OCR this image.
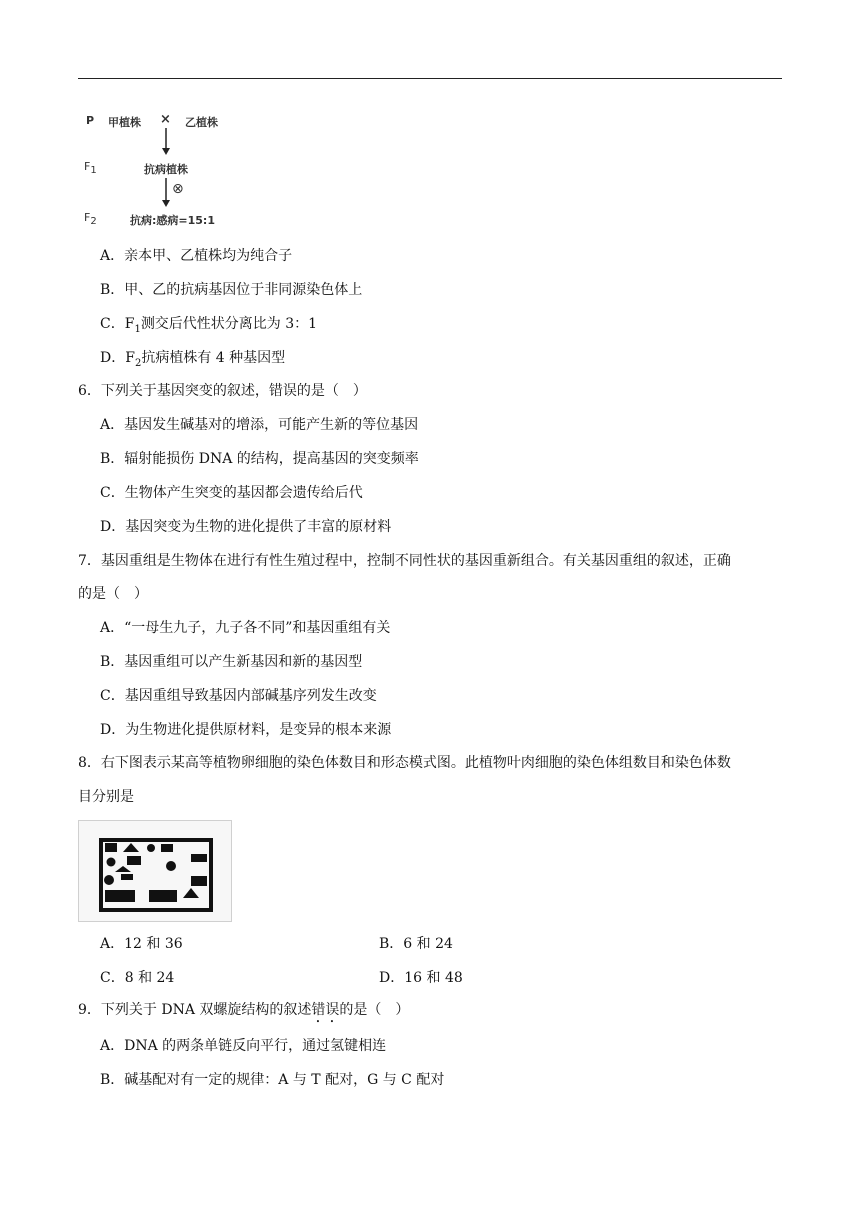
P 甲植株 × 乙植株
$F_1$	抗病植株
⊗
$F_2$	抗病:感病=15:1
A．亲本甲、乙植株均为纯合子
B．甲、乙的抗病基因位于非同源染色体上
C．$F_1$测交后代性状分离比为 3：1
D．$F_2$抗病植株有 4 种基因型
6．下列关于基因突变的叙述，错误的是（　）
A．基因发生碱基对的增添，可能产生新的等位基因
B．辐射能损伤 DNA 的结构，提高基因的突变频率
C．生物体产生突变的基因都会遗传给后代
D．基因突变为生物的进化提供了丰富的原材料
7．基因重组是生物体在进行有性生殖过程中，控制不同性状的基因重新组合。有关基因重组的叙述，正确
的是（　）
A．“一母生九子，九子各不同”和基因重组有关
B．基因重组可以产生新基因和新的基因型
C．基因重组导致基因内部碱基序列发生改变
D．为生物进化提供原材料，是变异的根本来源
8．右下图表示某高等植物卵细胞的染色体数目和形态模式图。此植物叶肉细胞的染色体组数目和染色体数
目分别是
A．12 和 36	B．6 和 24
C．8 和 24	D．16 和 48
9．下列关于 DNA 双螺旋结构的叙述错误的是（　）
A．DNA 的两条单链反向平行，通过氢键相连
B．碱基配对有一定的规律：A 与 T 配对，G 与 C 配对
